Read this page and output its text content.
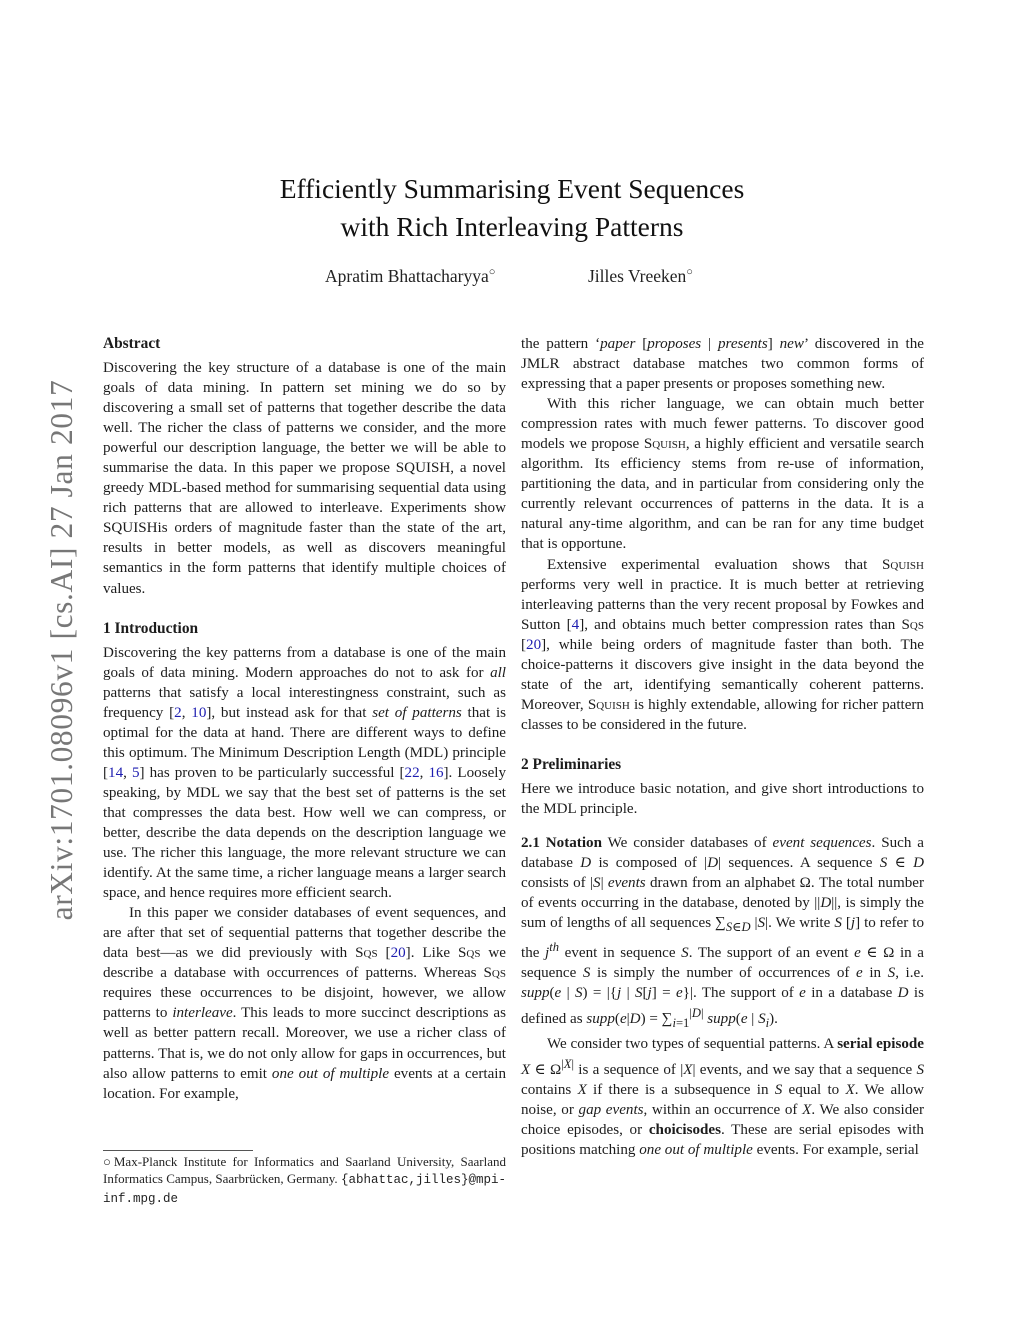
arXiv:1701.08096v1 [cs.AI] 27 Jan 2017
Efficiently Summarising Event Sequences
with Rich Interleaving Patterns
Apratim Bhattacharyya○	Jilles Vreeken○
Abstract

Discovering the key structure of a database is one of the main goals of data mining. In pattern set mining we do so by discovering a small set of patterns that together describe the data well. The richer the class of patterns we consider, and the more powerful our description language, the better we will be able to summarise the data. In this paper we propose SQUISH, a novel greedy MDL-based method for summarising sequential data using rich patterns that are allowed to interleave. Experiments show SQUISHis orders of magnitude faster than the state of the art, results in better models, as well as discovers meaningful semantics in the form patterns that identify multiple choices of values.

1 Introduction

Discovering the key patterns from a database is one of the main goals of data mining. Modern approaches do not to ask for all patterns that satisfy a local interestingness constraint, such as frequency [2, 10], but instead ask for that set of patterns that is optimal for the data at hand. There are different ways to define this optimum. The Minimum Description Length (MDL) principle [14, 5] has proven to be particularly successful [22, 16]. Loosely speaking, by MDL we say that the best set of patterns is the set that compresses the data best. How well we can compress, or better, describe the data depends on the description language we use. The richer this language, the more relevant structure we can identify. At the same time, a richer language means a larger search space, and hence requires more efficient search.

In this paper we consider databases of event sequences, and are after that set of sequential patterns that together describe the data best—as we did previously with Sqs [20]. Like Sqs we describe a database with occurrences of patterns. Whereas Sqs requires these occurrences to be disjoint, however, we allow patterns to interleave. This leads to more succinct descriptions as well as better pattern recall. Moreover, we use a richer class of patterns. That is, we do not only allow for gaps in occurrences, but also allow patterns to emit one out of multiple events at a certain location. For example,

○Max-Planck Institute for Informatics and Saarland University, Saarland Informatics Campus, Saarbrücken, Germany. {abhattac,jilles}@mpi-inf.mpg.de

the pattern ‘paper [proposes | presents] new’ discovered in the JMLR abstract database matches two common forms of expressing that a paper presents or proposes something new.

With this richer language, we can obtain much better compression rates with much fewer patterns. To discover good models we propose Squish, a highly efficient and versatile search algorithm. Its efficiency stems from re-use of information, partitioning the data, and in particular from considering only the currently relevant occurrences of patterns in the data. It is a natural any-time algorithm, and can be ran for any time budget that is opportune.

Extensive experimental evaluation shows that Squish performs very well in practice. It is much better at retrieving interleaving patterns than the very recent proposal by Fowkes and Sutton [4], and obtains much better compression rates than Sqs [20], while being orders of magnitude faster than both. The choice-patterns it discovers give insight in the data beyond the state of the art, identifying semantically coherent patterns. Moreover, Squish is highly extendable, allowing for richer pattern classes to be considered in the future.

2 Preliminaries

Here we introduce basic notation, and give short introductions to the MDL principle.

2.1 Notation We consider databases of event sequences. Such a database D is composed of |D| sequences. A sequence S ∈ D consists of |S| events drawn from an alphabet Ω. The total number of events occurring in the database, denoted by ||D||, is simply the sum of lengths of all sequences $\sum_{S\in D}$ |S|. We write S [j] to refer to the $j^{th}$ event in sequence S. The support of an event e ∈ Ω in a sequence S is simply the number of occurrences of e in S, i.e. supp(e | S) = |{j | S[j] = e}|. The support of e in a database D is defined as supp(e|D) = $\sum_{i=1}^{|D|}$ supp(e | $S_i$).

We consider two types of sequential patterns. A serial episode X ∈ $\Omega^{|X|}$ is a sequence of |X| events, and we say that a sequence S contains X if there is a subsequence in S equal to X. We allow noise, or gap events, within an occurrence of X. We also consider choice episodes, or choicisodes. These are serial episodes with positions matching one out of multiple events. For example, serial
